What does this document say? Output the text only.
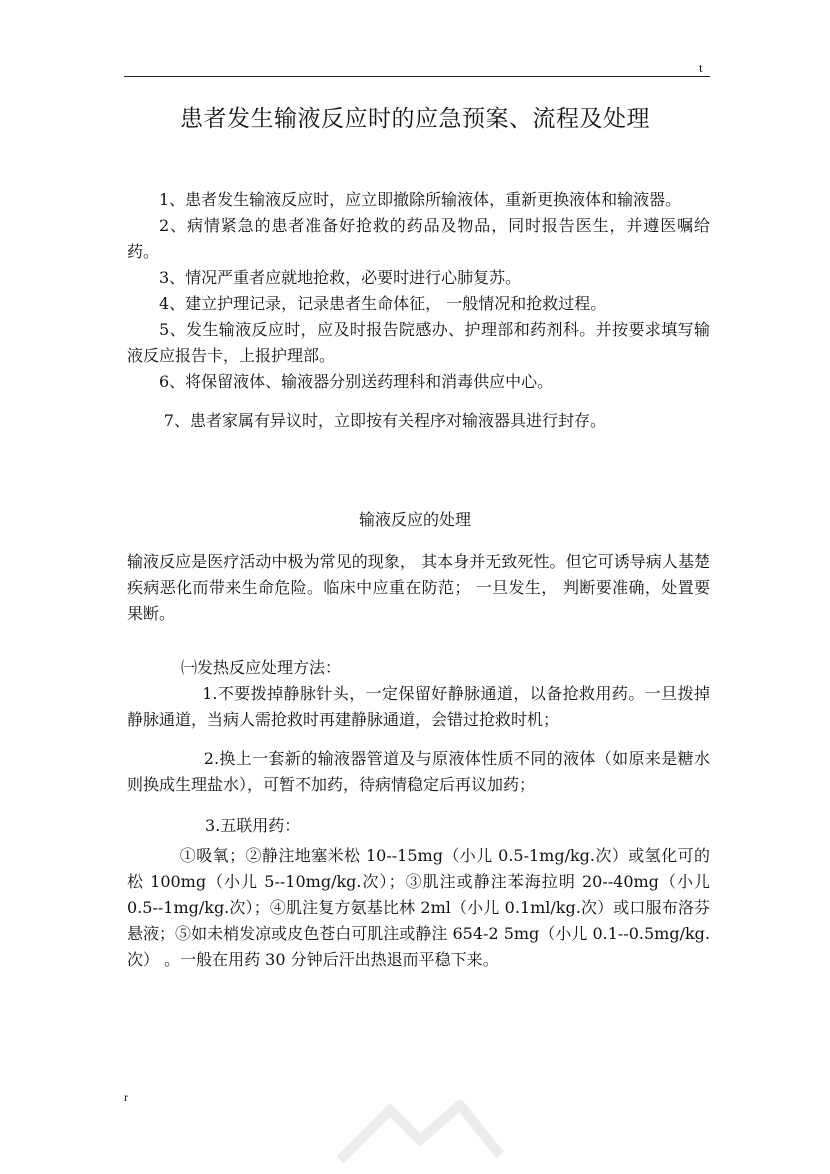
t
患者发生输液反应时的应急预案、流程及处理

1、患者发生输液反应时，应立即撤除所输液体，重新更换液体和输液器。

2、病情紧急的患者准备好抢救的药品及物品，同时报告医生，并遵医嘱给药。

3、情况严重者应就地抢救，必要时进行心肺复苏。

4、建立护理记录，记录患者生命体征， 一般情况和抢救过程。

5、发生输液反应时，应及时报告院感办、护理部和药剂科。并按要求填写输液反应报告卡，上报护理部。

6、将保留液体、输液器分别送药理科和消毒供应中心。

7、患者家属有异议时，立即按有关程序对输液器具进行封存。

输液反应的处理

输液反应是医疗活动中极为常见的现象， 其本身并无致死性。但它可诱导病人基楚疾病恶化而带来生命危险。临床中应重在防范； 一旦发生， 判断要准确，处置要果断。

㈠发热反应处理方法：

1.不要拨掉静脉针头，一定保留好静脉通道，以备抢救用药。一旦拨掉静脉通道，当病人需抢救时再建静脉通道，会错过抢救时机；

2.换上一套新的输液器管道及与原液体性质不同的液体（如原来是糖水则换成生理盐水），可暂不加药，待病情稳定后再议加药；

3.五联用药：

①吸氧；②静注地塞米松 10--15mg（小儿 0.5-1mg/kg.次）或氢化可的松 100mg（小儿 5--10mg/kg.次）；③肌注或静注苯海拉明 20--40mg（小儿 0.5--1mg/kg.次）；④肌注复方氨基比林 2ml（小儿 0.1ml/kg.次）或口服布洛芬悬液；⑤如未梢发凉或皮色苍白可肌注或静注 654-2 5mg（小儿 0.1--0.5mg/kg.次） 。一般在用药 30 分钟后汗出热退而平稳下来。

r
